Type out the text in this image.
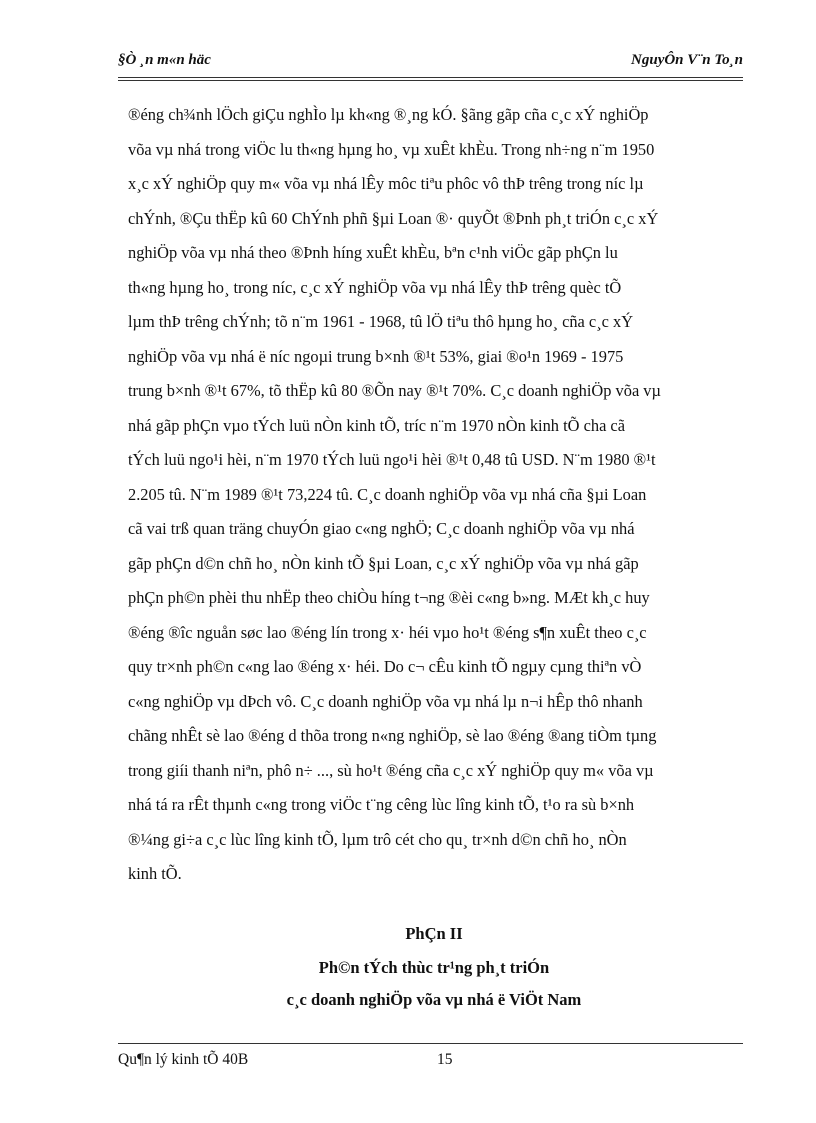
§Ò ¸n m«n häc	NguyÔn V¨n To¸n
®éng ch¾nh lÖch giÇu nghÌo lµ kh«ng ®¸ng kÓ. §ãng gãp cña c¸c xÝ nghiÖp
võa vµ nhá trong viÖc lu th«ng hµng ho¸ vµ xuÊt khÈu. Trong nh÷ng n¨m 1950
x¸c xÝ nghiÖp quy m« võa vµ nhá lÊy môc tiªu phôc vô thÞ trêng trong níc lµ
chÝnh, ®Çu thËp kû 60 ChÝnh phñ §µi Loan ®· quyÕt ®Þnh ph¸t triÓn c¸c xÝ
nghiÖp võa vµ nhá theo ®Þnh híng xuÊt khÈu, bªn c¹nh viÖc gãp phÇn lu
th«ng hµng ho¸ trong níc, c¸c xÝ nghiÖp võa vµ nhá lÊy thÞ trêng quèc tÕ
lµm thÞ trêng chÝnh; tõ n¨m 1961 - 1968, tû lÖ tiªu thô hµng ho¸ cña c¸c xÝ
nghiÖp võa vµ nhá ë níc ngoµi trung b×nh ®¹t 53%, giai ®o¹n 1969 - 1975
trung b×nh ®¹t 67%, tõ thËp kû 80 ®Õn nay ®¹t 70%. C¸c doanh nghiÖp võa vµ
nhá gãp phÇn vµo tÝch luü nÒn kinh tÕ, tríc n¨m 1970 nÒn kinh tÕ cha cã
tÝch luü ngo¹i hèi, n¨m 1970 tÝch luü ngo¹i hèi ®¹t 0,48 tû USD. N¨m 1980 ®¹t
2.205 tû. N¨m 1989 ®¹t 73,224 tû. C¸c doanh nghiÖp võa vµ nhá cña §µi Loan
cã vai trß quan träng chuyÓn giao c«ng nghÖ; C¸c doanh nghiÖp võa vµ nhá
gãp phÇn d©n chñ ho¸ nÒn kinh tÕ §µi Loan, c¸c xÝ nghiÖp võa vµ nhá gãp
phÇn ph©n phèi thu nhËp theo chiÒu híng t¬ng ®èi c«ng b»ng. MÆt kh¸c huy
®éng ®îc nguån søc lao ®éng lín trong x· héi vµo ho¹t ®éng s¶n xuÊt theo c¸c
quy tr×nh ph©n c«ng lao ®éng x· héi. Do c¬ cÊu kinh tÕ ngµy cµng thiªn vÒ
c«ng nghiÖp vµ dÞch vô. C¸c doanh nghiÖp võa vµ nhá lµ n¬i hÊp thô nhanh
chãng nhÊt sè lao ®éng d thõa trong n«ng nghiÖp, sè lao ®éng ®ang tiÒm tµng
trong giíi thanh niªn, phô n÷ ..., sù ho¹t ®éng cña c¸c xÝ nghiÖp quy m« võa vµ
nhá tá ra rÊt thµnh c«ng trong viÖc t¨ng cêng lùc lîng kinh tÕ, t¹o ra sù b×nh
®¼ng gi÷a c¸c lùc lîng kinh tÕ, lµm trô cét cho qu¸ tr×nh d©n chñ ho¸ nÒn
kinh tÕ.
PhÇn II
Ph©n tÝch thùc tr¹ng ph¸t triÓn
c¸c doanh nghiÖp võa vµ nhá ë ViÖt Nam
Qu¶n lý kinh tÕ 40B	15
